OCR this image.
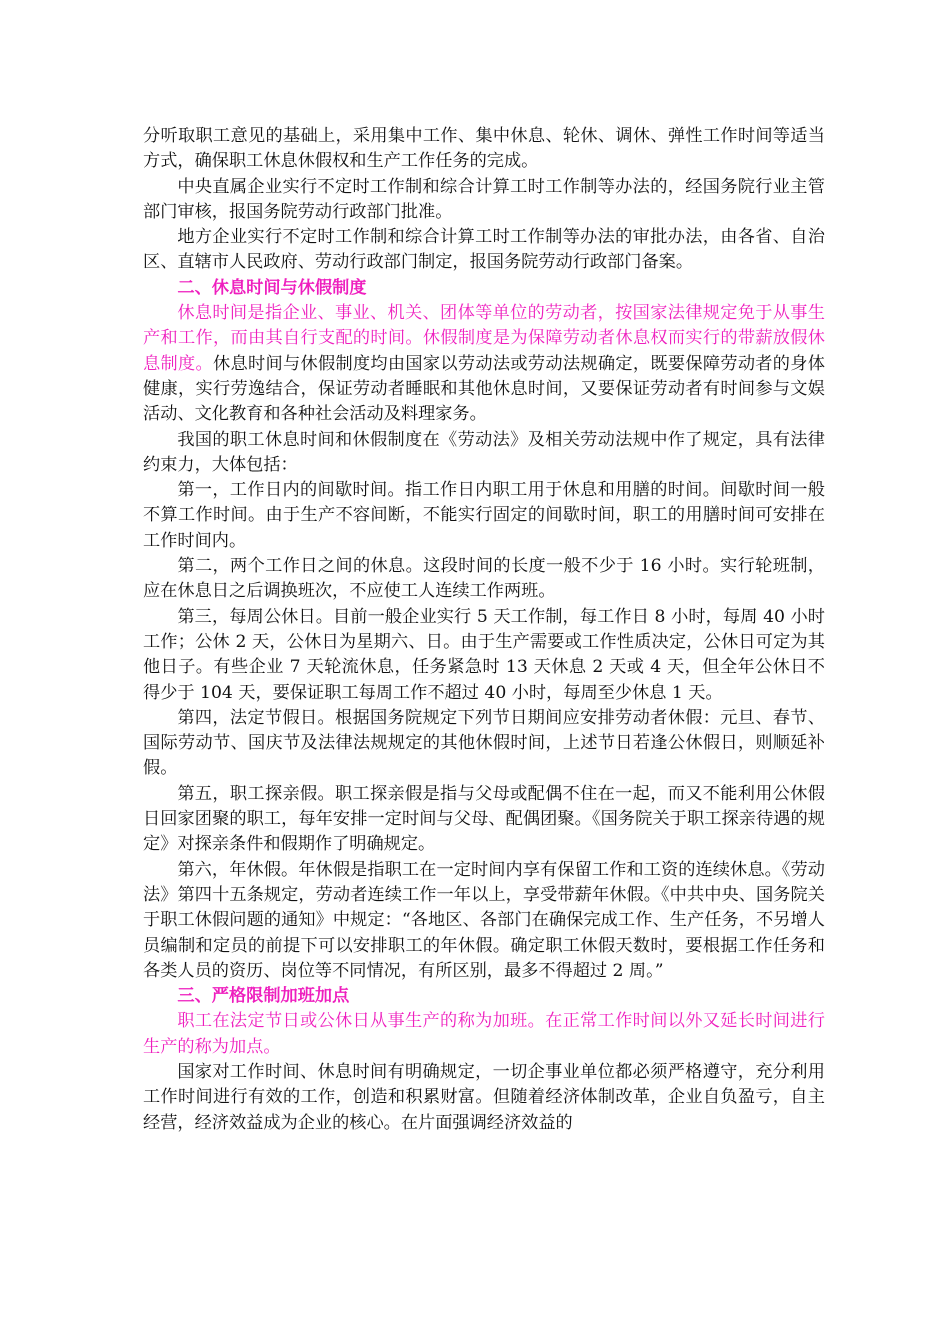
分听取职工意见的基础上，采用集中工作、集中休息、轮休、调休、弹性工作时间等适当方式，确保职工休息休假权和生产工作任务的完成。

中央直属企业实行不定时工作制和综合计算工时工作制等办法的，经国务院行业主管部门审核，报国务院劳动行政部门批准。

地方企业实行不定时工作制和综合计算工时工作制等办法的审批办法，由各省、自治区、直辖市人民政府、劳动行政部门制定，报国务院劳动行政部门备案。

二、休息时间与休假制度

休息时间是指企业、事业、机关、团体等单位的劳动者，按国家法律规定免于从事生产和工作，而由其自行支配的时间。休假制度是为保障劳动者休息权而实行的带薪放假休息制度。休息时间与休假制度均由国家以劳动法或劳动法规确定，既要保障劳动者的身体健康，实行劳逸结合，保证劳动者睡眠和其他休息时间，又要保证劳动者有时间参与文娱活动、文化教育和各种社会活动及料理家务。

我国的职工休息时间和休假制度在《劳动法》及相关劳动法规中作了规定，具有法律约束力，大体包括：

第一，工作日内的间歇时间。指工作日内职工用于休息和用膳的时间。间歇时间一般不算工作时间。由于生产不容间断，不能实行固定的间歇时间，职工的用膳时间可安排在工作时间内。

第二，两个工作日之间的休息。这段时间的长度一般不少于 16 小时。实行轮班制，应在休息日之后调换班次，不应使工人连续工作两班。

第三，每周公休日。目前一般企业实行 5 天工作制，每工作日 8 小时，每周 40 小时工作；公休 2 天，公休日为星期六、日。由于生产需要或工作性质决定，公休日可定为其他日子。有些企业 7 天轮流休息，任务紧急时 13 天休息 2 天或 4 天，但全年公休日不得少于 104 天，要保证职工每周工作不超过 40 小时，每周至少休息 1 天。

第四，法定节假日。根据国务院规定下列节日期间应安排劳动者休假：元旦、春节、国际劳动节、国庆节及法律法规规定的其他休假时间，上述节日若逢公休假日，则顺延补假。

第五，职工探亲假。职工探亲假是指与父母或配偶不住在一起，而又不能利用公休假日回家团聚的职工，每年安排一定时间与父母、配偶团聚。《国务院关于职工探亲待遇的规定》对探亲条件和假期作了明确规定。

第六，年休假。年休假是指职工在一定时间内享有保留工作和工资的连续休息。《劳动法》第四十五条规定，劳动者连续工作一年以上，享受带薪年休假。《中共中央、国务院关于职工休假问题的通知》中规定：“各地区、各部门在确保完成工作、生产任务，不另增人员编制和定员的前提下可以安排职工的年休假。确定职工休假天数时，要根据工作任务和各类人员的资历、岗位等不同情况，有所区别，最多不得超过 2 周。”

三、严格限制加班加点

职工在法定节日或公休日从事生产的称为加班。在正常工作时间以外又延长时间进行生产的称为加点。

国家对工作时间、休息时间有明确规定，一切企事业单位都必须严格遵守，充分利用工作时间进行有效的工作，创造和积累财富。但随着经济体制改革，企业自负盈亏，自主经营，经济效益成为企业的核心。在片面强调经济效益的
